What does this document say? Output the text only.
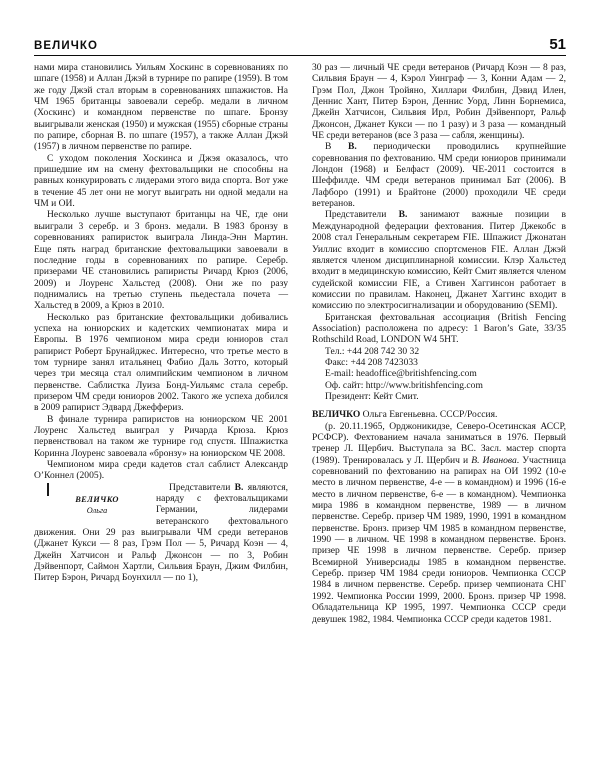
ВЕЛИЧКО	51

нами мира становились Уильям Хоскинс в соревнованиях по шпаге (1958) и Аллан Джэй в турнире по рапире (1959). В том же году Джэй стал вторым в соревнованиях шпажистов. На ЧМ 1965 британцы завоевали серебр. медали в личном (Хоскинс) и командном первенстве по шпаге. Бронзу выигрывали женская (1950) и мужская (1955) сборные страны по рапире, сборная В. по шпаге (1957), а также Аллан Джэй (1957) в личном первенстве по рапире.

С уходом поколения Хоскинса и Джэя оказалось, что пришедшие им на смену фехтовальщики не способны на равных конкурировать с лидерами этого вида спорта. Вот уже в течение 45 лет они не могут выиграть ни одной медали на ЧМ и ОИ.

Несколько лучше выступают британцы на ЧЕ, где они выиграли 3 серебр. и 3 бронз. медали. В 1983 бронзу в соревнованиях рапиристок выиграла Линда-Энн Мартин. Еще пять наград британские фехтовальщики завоевали в последние годы в соревнованиях по рапире. Серебр. призерами ЧЕ становились рапиристы Ричард Крюз (2006, 2009) и Лоуренс Хальстед (2008). Они же по разу поднимались на третью ступень пьедестала почета — Хальстед в 2009, а Крюз в 2010.

Несколько раз британские фехтовальщики добивались успеха на юниорских и кадетских чемпионатах мира и Европы. В 1976 чемпионом мира среди юниоров стал рапирист Роберт Брунайджес. Интересно, что третье место в том турнире занял итальянец Фабио Даль Зотто, который через три месяца стал олимпийским чемпионом в личном первенстве. Саблистка Луиза Бонд-Уильямс стала серебр. призером ЧМ среди юниоров 2002. Такого же успеха добился в 2009 рапирист Эдвард Джеффериз.

В финале турнира рапиристов на юниорском ЧЕ 2001 Лоуренс Хальстед выиграл у Ричарда Крюза. Крюз первенствовал на таком же турнире год спустя. Шпажистка Коринна Лоуренс завоевала «бронзу» на юниорском ЧЕ 2008.

Чемпионом мира среди кадетов стал саблист Александр О’Коннел (2005).

ВЕЛИЧКО
Ольга
Представители В. являются, наряду с фехтовальщиками Германии, лидерами ветеранского фехтовального движения. Они 29 раз выигрывали ЧМ среди ветеранов (Джанет Кукси — 8 раз, Грэм Пол — 5, Ричард Коэн — 4, Джейн Хатчисон и Ральф Джонсон — по 3, Робин Дэйвенпорт, Саймон Хартли, Сильвия Браун, Джим Филбин, Питер Бэрон, Ричард Боунхилл — по 1),

30 раз — личный ЧЕ среди ветеранов (Ричард Коэн — 8 раз, Сильвия Браун — 4, Кэрол Уинграф — 3, Конни Адам — 2, Грэм Пол, Джон Тройяно, Хиллари Филбин, Дэвид Илен, Деннис Хант, Питер Бэрон, Деннис Уорд, Линн Борнемиса, Джейн Хатчисон, Сильвия Ирл, Робин Дэйвенпорт, Ральф Джонсон, Джанет Кукси — по 1 разу) и 3 раза — командный ЧЕ среди ветеранов (все 3 раза — сабля, женщины).

В В. периодически проводились крупнейшие соревнования по фехтованию. ЧМ среди юниоров принимали Лондон (1968) и Белфаст (2009). ЧЕ-2011 состоится в Шеффилде. ЧМ среди ветеранов принимал Бат (2006). В Лафборо (1991) и Брайтоне (2000) проходили ЧЕ среди ветеранов.

Представители В. занимают важные позиции в Международной федерации фехтования. Питер Джекобс в 2008 стал Генеральным секретарем FIE. Шпажист Джонатан Уиллис входит в комиссию спортсменов FIE. Аллан Джэй является членом дисциплинарной комиссии. Клэр Хальстед входит в медицинскую комиссию, Кейт Смит является членом судейской комиссии FIE, а Стивен Хаггинсон работает в комиссии по правилам. Наконец, Джанет Хаггинс входит в комиссию по электросигнализации и оборудованию (SEMI).

Британская фехтовальная ассоциация (British Fencing Association) расположена по адресу: 1 Baron’s Gate, 33/35 Rothschild Road, LONDON W4 5HT.

Тел.: +44 208 742 30 32

Факс: +44 208 7423033

E-mail: headoffice@britishfencing.com

Оф. сайт: http://www.britishfencing.com

Президент: Кейт Смит.

ВЕЛИЧКО Ольга Евгеньевна. СССР/Россия.

(р. 20.11.1965, Орджоникидзе, Северо-Осетинская АССР, РСФСР). Фехтованием начала заниматься в 1976. Первый тренер Л. Щербич. Выступала за ВС. Засл. мастер спорта (1989). Тренировалась у Л. Щербич и В. Иванова. Участница соревнований по фехтованию на рапирах на ОИ 1992 (10-е место в личном первенстве, 4-е — в командном) и 1996 (16-е место в личном первенстве, 6-е — в командном). Чемпионка мира 1986 в командном первенстве, 1989 — в личном первенстве. Серебр. призер ЧМ 1989, 1990, 1991 в командном первенстве. Бронз. призер ЧМ 1985 в командном первенстве, 1990 — в личном. ЧЕ 1998 в командном первенстве. Бронз. призер ЧЕ 1998 в личном первенстве. Серебр. призер Всемирной Универсиады 1985 в командном первенстве. Серебр. призер ЧМ 1984 среди юниоров. Чемпионка СССР 1984 в личном первенстве. Серебр. призер чемпионата СНГ 1992. Чемпионка России 1999, 2000. Бронз. призер ЧР 1998. Обладательница КР 1995, 1997. Чемпионка СССР среди девушек 1982, 1984. Чемпионка СССР среди кадетов 1981.
